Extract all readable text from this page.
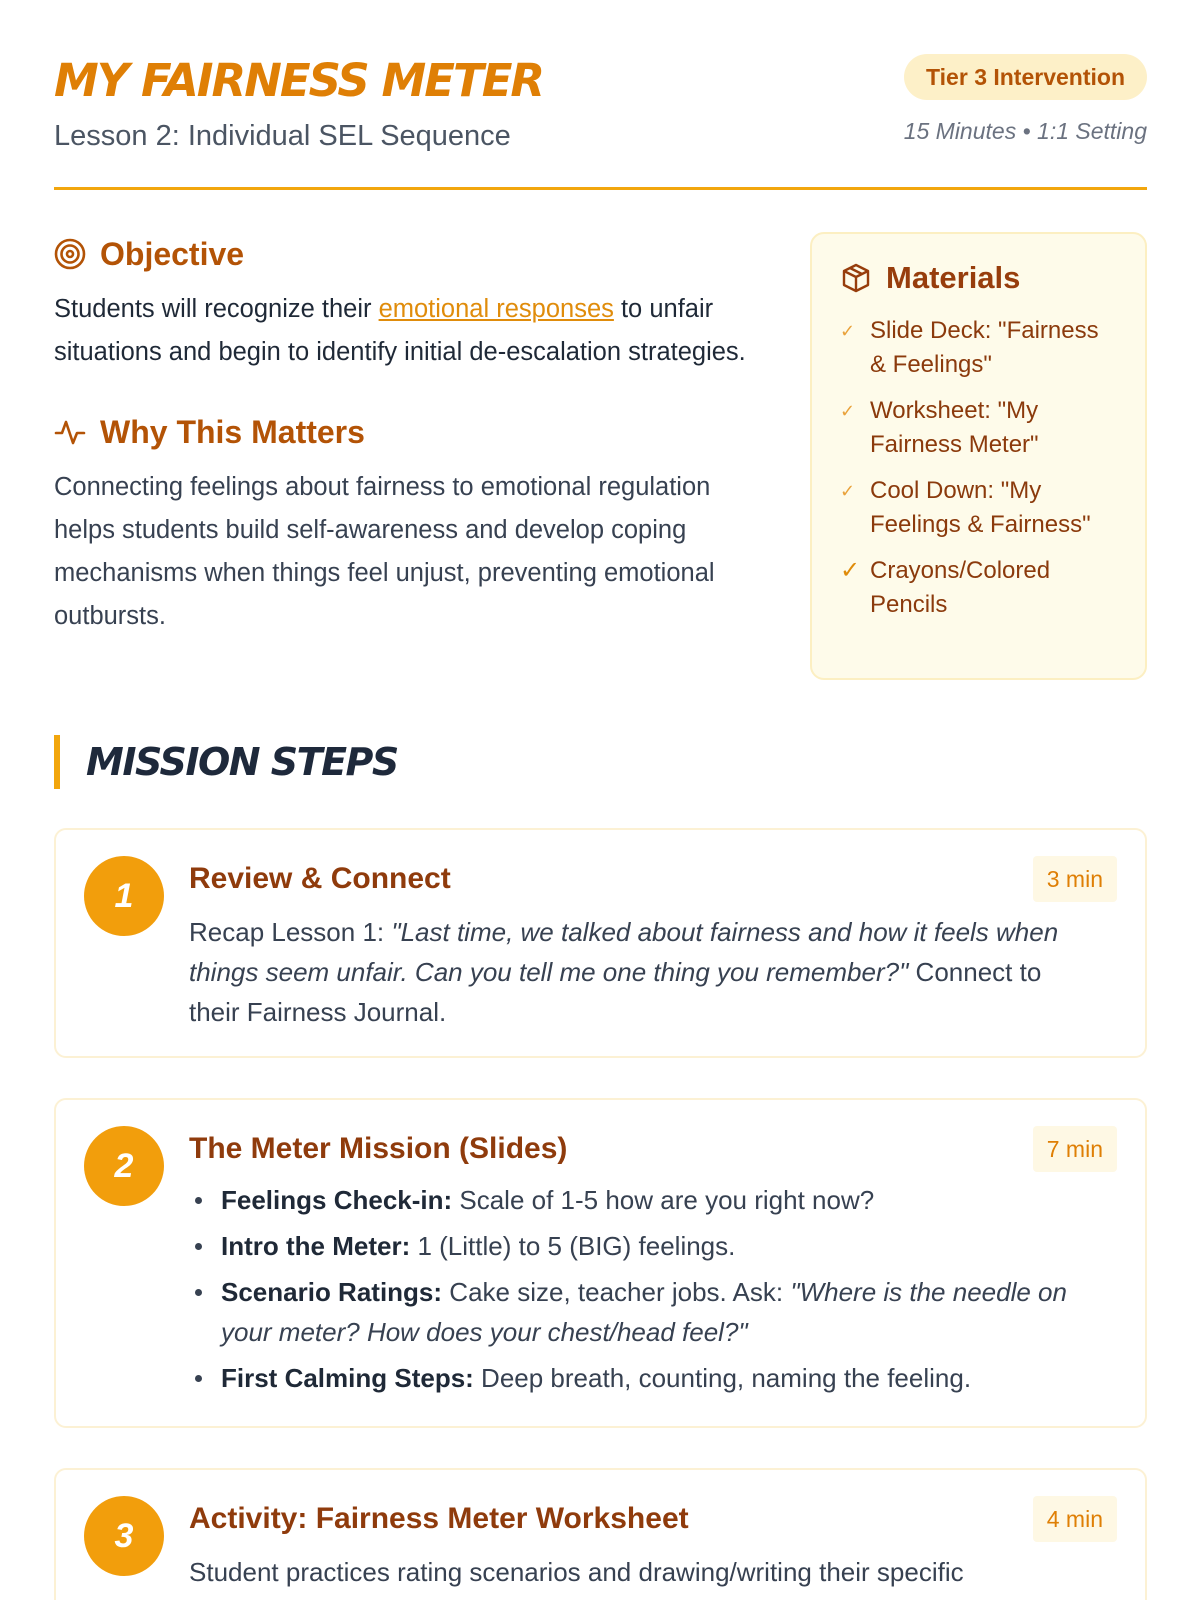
MY FAIRNESS METER
Lesson 2: Individual SEL Sequence
Tier 3 Intervention
15 Minutes • 1:1 Setting
Objective

Students will recognize their emotional responses to unfair situations and begin to identify initial de-escalation strategies.

Why This Matters

Connecting feelings about fairness to emotional regulation helps students build self-awareness and develop coping mechanisms when things feel unjust, preventing emotional outbursts.

Materials
✓ Slide Deck: "Fairness & Feelings"
✓ Worksheet: "My Fairness Meter"
✓ Cool Down: "My Feelings & Fairness"
✓ Crayons/Colored Pencils
MISSION STEPS
1	Review & Connect	3 min
Recap Lesson 1: "Last time, we talked about fairness and how it feels when things seem unfair. Can you tell me one thing you remember?" Connect to their Fairness Journal.
2	The Meter Mission (Slides)	7 min
Feelings Check-in: Scale of 1-5 how are you right now?
Intro the Meter: 1 (Little) to 5 (BIG) feelings.
Scenario Ratings: Cake size, teacher jobs. Ask: "Where is the needle on your meter? How does your chest/head feel?"
First Calming Steps: Deep breath, counting, naming the feeling.
3	Activity: Fairness Meter Worksheet	4 min
Student practices rating scenarios and drawing/writing their specific
